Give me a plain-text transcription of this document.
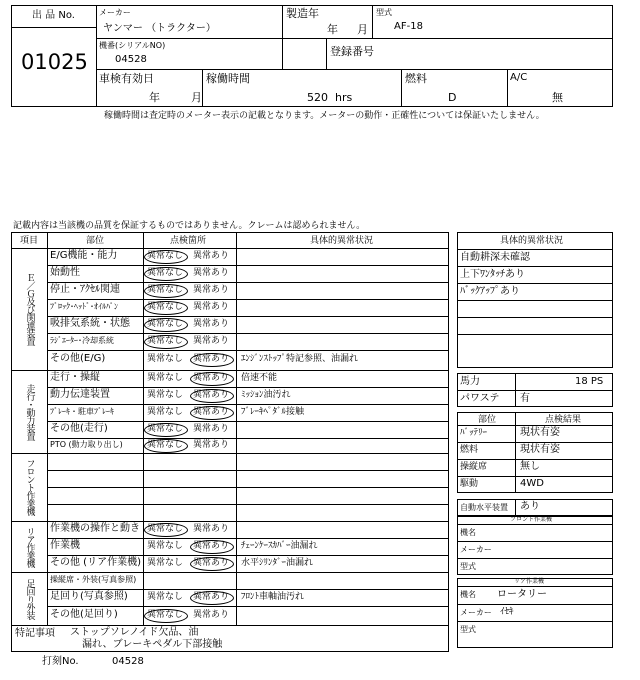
出 品 No.
01025
メーカー
ヤンマー （トラクター）
製造年
年 月
型式
AF-18
機番(シリアルNO)
04528
登録番号
車検有効日
年	月
稼働時間
520 hrs
燃料
D
A/C
無
稼働時間は査定時のメーター表示の記載となります。メーターの動作・正確性については保証いたしません。
記載内容は当該機の品質を保証するものではありません。クレームは認められません。
項目	部位	点検箇所	具体的異常状況
Ｅ／Ｇ及び関連装置
走行・動力装置
フロント作業機
リア作業機
足回り外装
E/G機能・能力	異常なし 異常あり
始動性	異常なし 異常あり
停止・ｱｸｾﾙ関連	異常なし 異常あり
ﾌﾞﾛｯｸ･ﾍｯﾄﾞ･ｵｲﾙﾊﾟﾝ	異常なし 異常あり
吸排気系統・状態 異常なし 異常あり
ﾗｼﾞｴｰﾀｰ･冷却系統	異常なし 異常あり
その他(E/G)	異常なし 異常あり ｴﾝｼﾞﾝｽﾄｯﾌﾟ特記参照、油漏れ
走行・操縦	異常なし 異常あり 倍速不能
動力伝達装置	異常なし 異常あり ﾐｯｼｮﾝ油汚れ
ﾌﾞﾚｰｷ・駐車ﾌﾞﾚｰｷ	異常なし 異常あり ﾌﾞﾚｰｷﾍﾟﾀﾞﾙ接触
その他(走行)	異常なし 異常あり
PTO (動力取り出し)	異常なし 異常あり
作業機の操作と動き 異常なし 異常あり
作業機	異常なし 異常あり ﾁｪｰﾝｹｰｽｶﾊﾞｰ油漏れ
その他 (リア作業機) 異常なし 異常あり 水平ｼﾘﾝﾀﾞｰ油漏れ
操縦席・外装(写真参照)
足回り(写真参照) 異常なし 異常あり ﾌﾛﾝﾄ車軸油汚れ
その他(足回り)	異常なし 異常あり
特記事項 ストップソレノイド欠品、油
漏れ、ブレーキペダル下部接触
打刻No.	04528
具体的異常状況
自動耕深未確認
上下ﾜﾝﾀｯﾁあり
ﾊﾞｯｸｱｯﾌﾟあり
馬力	18 PS
パワステ 有
部位	点検結果
ﾊﾞｯﾃﾘｰ	現状有姿
燃料	現状有姿
操縦席	無し
駆動	4WD
自動水平装置 あり
フロント作業機
機名
メーカー
型式
リア作業機
機名 ロータリー
メーカー ｲｾｷ
型式
